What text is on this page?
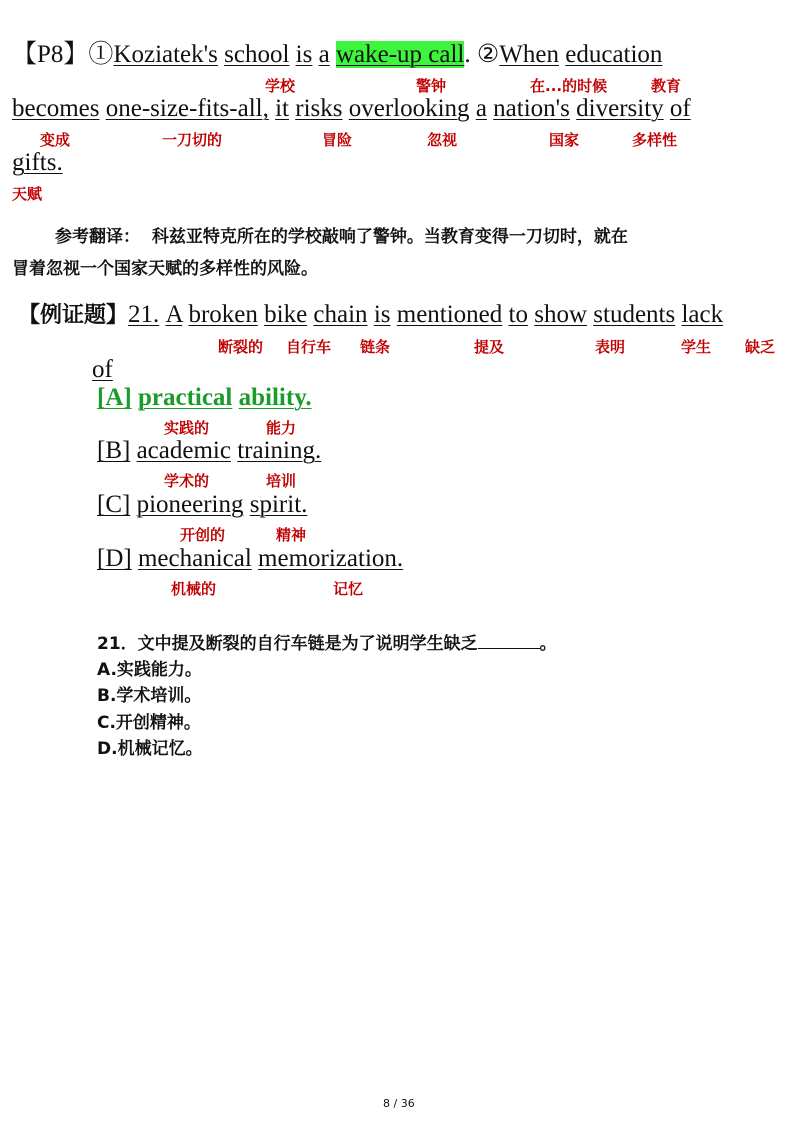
【P8】①Koziatek's school is a wake-up call. ②When education
学校	警钟	在...的时候	教育
becomes one-size-fits-all, it risks overlooking a nation's diversity of
变成	一刀切的	冒险	忽视	国家	多样性
gifts.
天赋
参考翻译： 科兹亚特克所在的学校敲响了警钟。当教育变得一刀切时，就在
冒着忽视一个国家天赋的多样性的风险。
【例证题】21. A broken bike chain is mentioned to show students lack
断裂的 自行车 链条	提及	表明	学生 缺乏
of
[A] practical ability.
实践的	能力
[B] academic training.
学术的	培训
[C] pioneering spirit.
开创的	精神
[D] mechanical memorization.
机械的	记忆
21．文中提及断裂的自行车链是为了说明学生缺乏	。
A.实践能力。
B.学术培训。
C.开创精神。
D.机械记忆。
8 / 36
